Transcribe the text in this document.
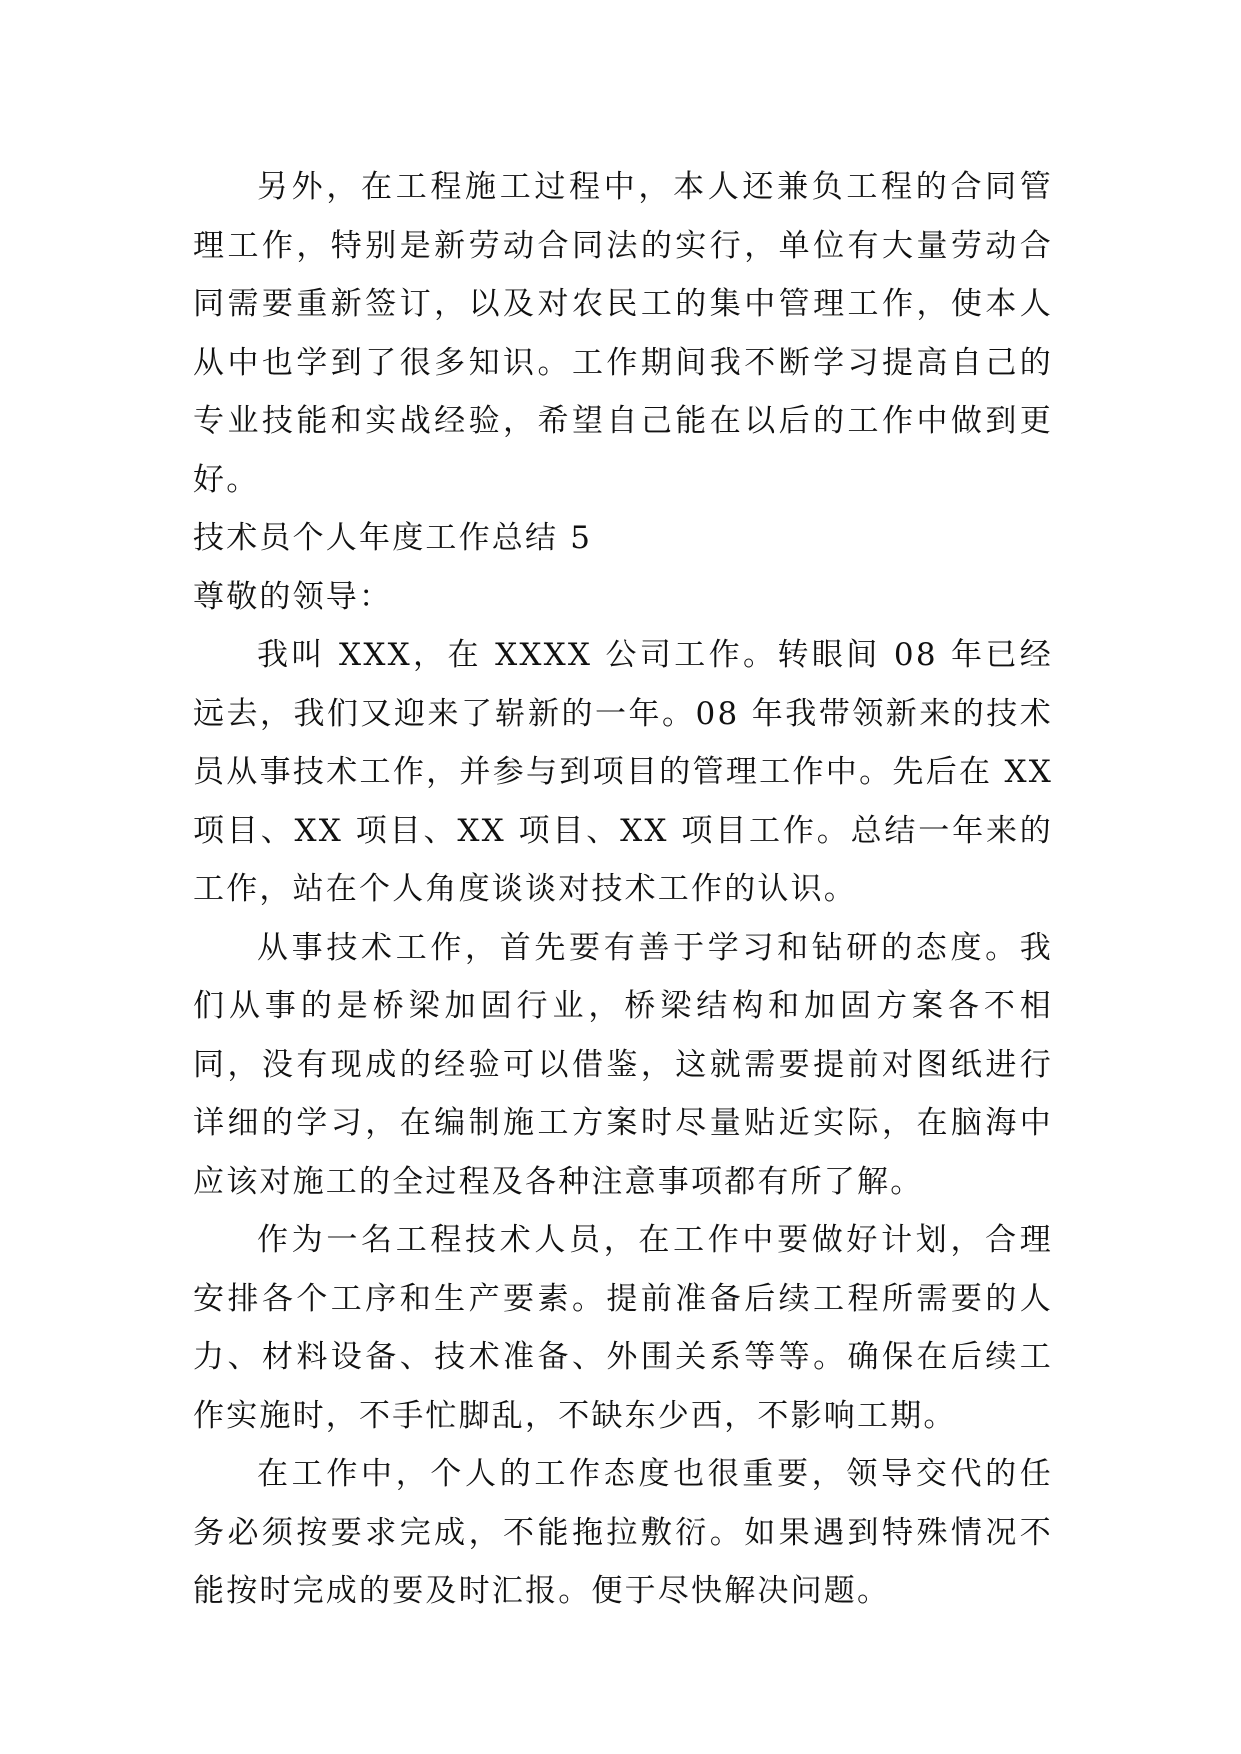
另外，在工程施工过程中，本人还兼负工程的合同管理工作，特别是新劳动合同法的实行，单位有大量劳动合同需要重新签订，以及对农民工的集中管理工作，使本人从中也学到了很多知识。工作期间我不断学习提高自己的专业技能和实战经验，希望自己能在以后的工作中做到更好。

技术员个人年度工作总结 5

尊敬的领导：

我叫 XXX，在 XXXX 公司工作。转眼间 08 年已经远去，我们又迎来了崭新的一年。08 年我带领新来的技术员从事技术工作，并参与到项目的管理工作中。先后在 XX 项目、XX 项目、XX 项目、XX 项目工作。总结一年来的工作，站在个人角度谈谈对技术工作的认识。

从事技术工作，首先要有善于学习和钻研的态度。我们从事的是桥梁加固行业，桥梁结构和加固方案各不相同，没有现成的经验可以借鉴，这就需要提前对图纸进行详细的学习，在编制施工方案时尽量贴近实际，在脑海中应该对施工的全过程及各种注意事项都有所了解。

作为一名工程技术人员，在工作中要做好计划，合理安排各个工序和生产要素。提前准备后续工程所需要的人力、材料设备、技术准备、外围关系等等。确保在后续工作实施时，不手忙脚乱，不缺东少西，不影响工期。

在工作中，个人的工作态度也很重要，领导交代的任务必须按要求完成，不能拖拉敷衍。如果遇到特殊情况不能按时完成的要及时汇报。便于尽快解决问题。
